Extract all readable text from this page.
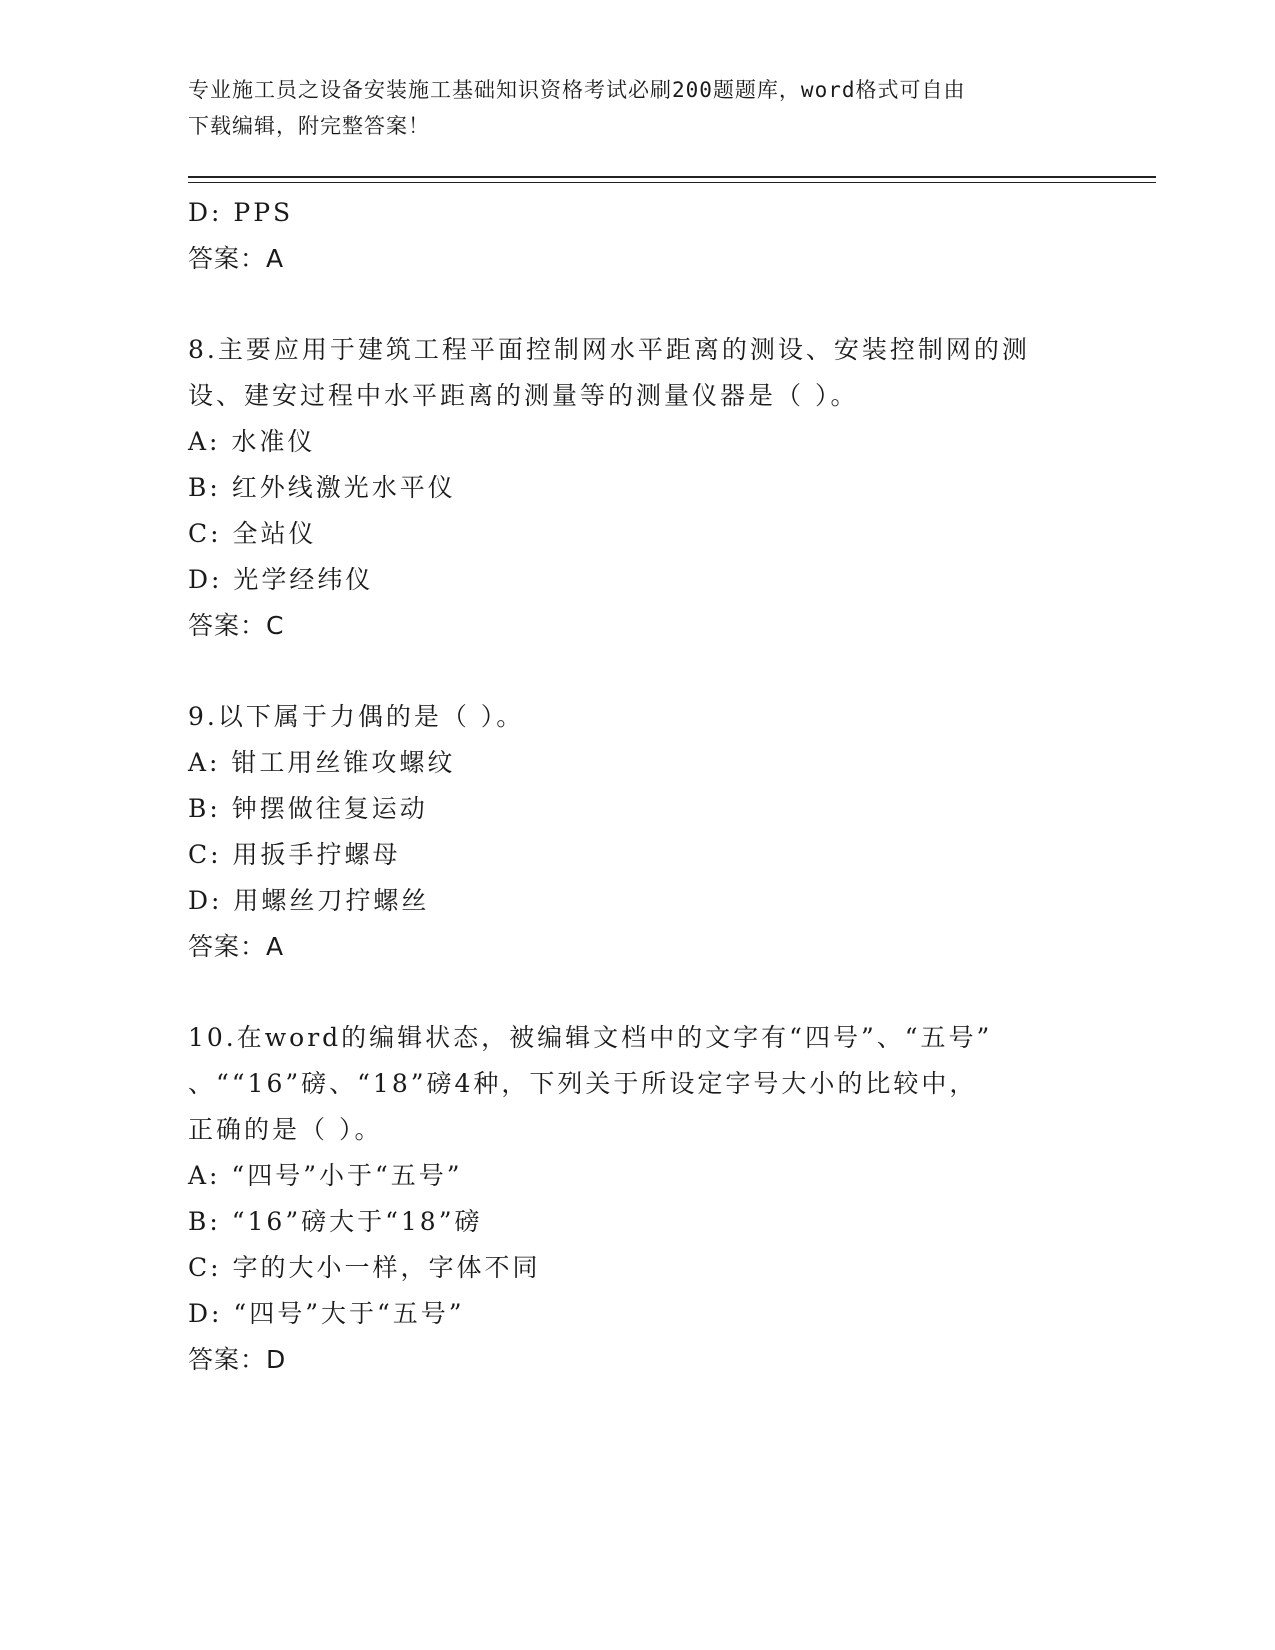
专业施工员之设备安装施工基础知识资格考试必刷200题题库，word格式可自由
下载编辑，附完整答案！
D: PPS
答案：A
8.主要应用于建筑工程平面控制网水平距离的测设、安装控制网的测
设、建安过程中水平距离的测量等的测量仪器是（ ）。
A: 水准仪
B: 红外线激光水平仪
C: 全站仪
D: 光学经纬仪
答案：C
9.以下属于力偶的是（ ）。
A: 钳工用丝锥攻螺纹
B: 钟摆做往复运动
C: 用扳手拧螺母
D: 用螺丝刀拧螺丝
答案：A
10.在word的编辑状态，被编辑文档中的文字有“四号”、“五号”
、““16”磅、“18”磅4种，下列关于所设定字号大小的比较中，
正确的是（ ）。
A: “四号”小于“五号”
B: “16”磅大于“18”磅
C: 字的大小一样，字体不同
D: “四号”大于“五号”
答案：D
